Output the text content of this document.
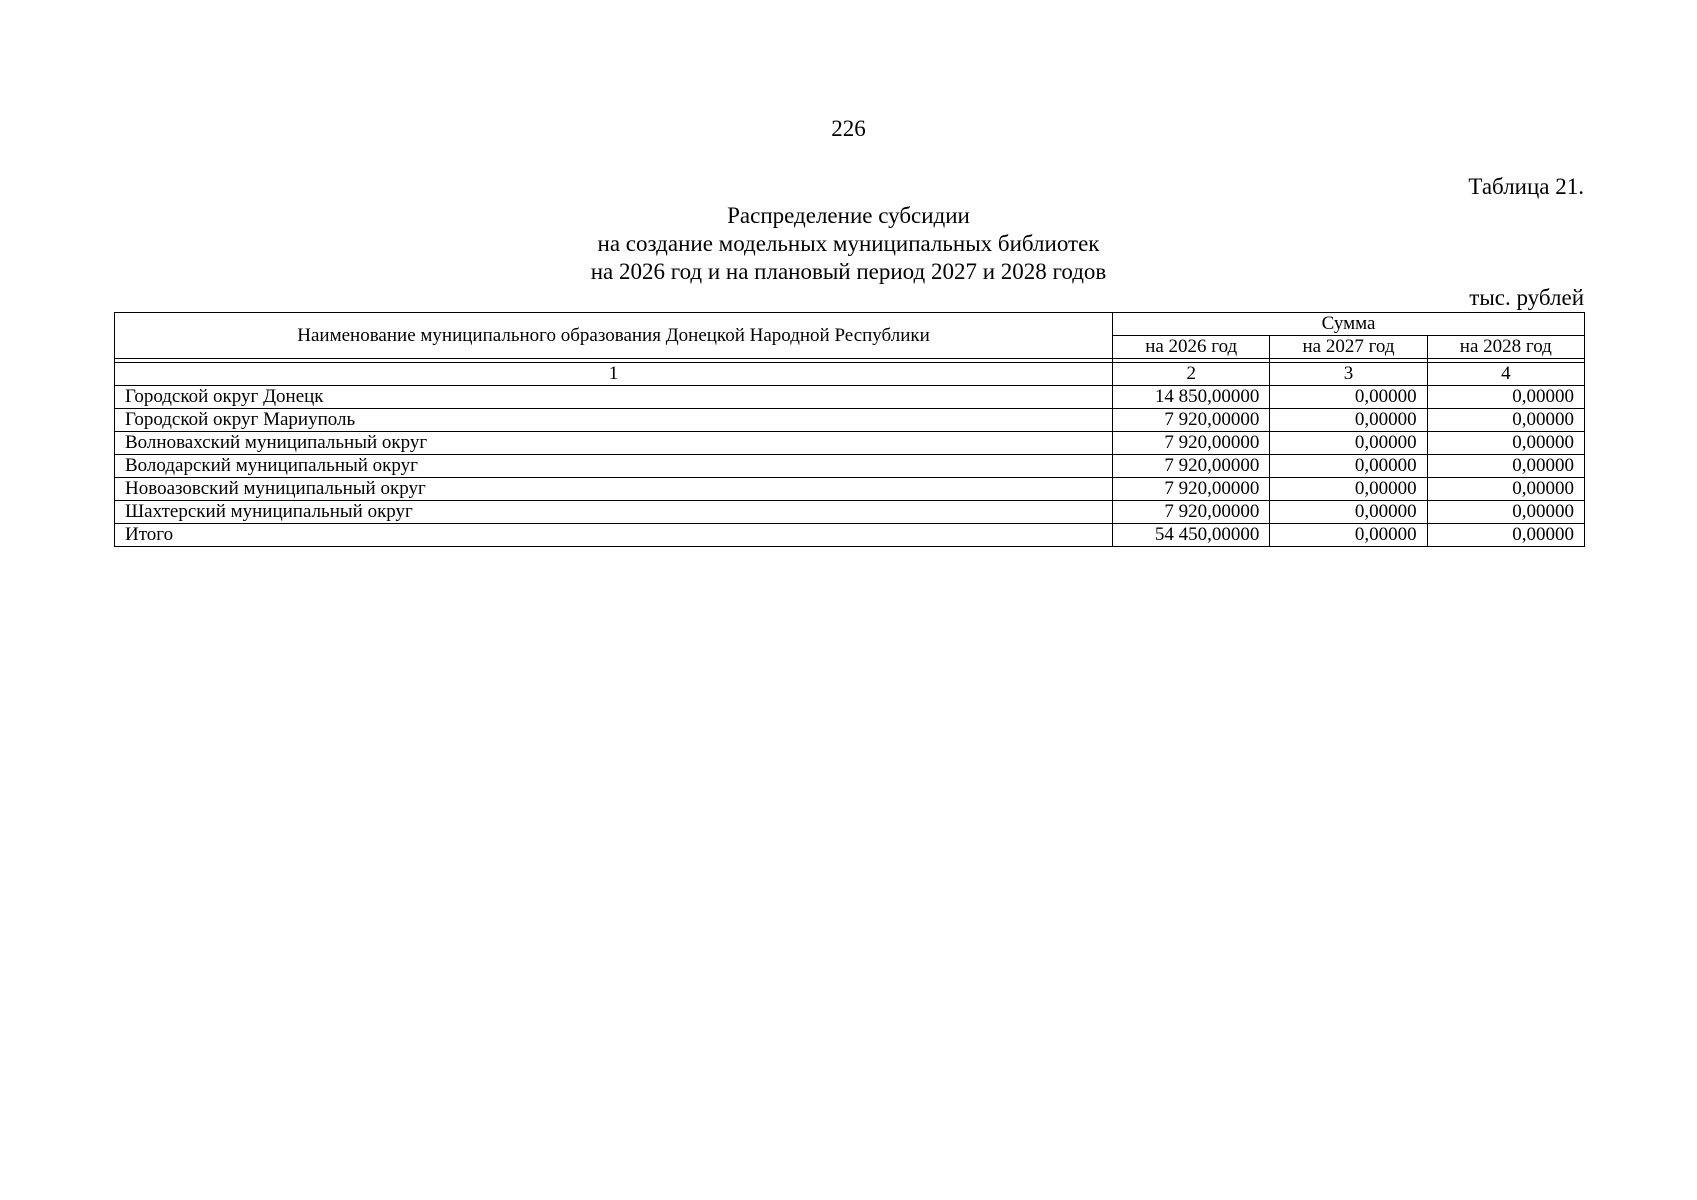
226
Таблица 21.
Распределение субсидии
на создание модельных муниципальных библиотек
на 2026 год и на плановый период 2027 и 2028 годов
тыс. рублей
Наименование муниципального образования Донецкой Народной Республики	Сумма		
	на 2026 год	на 2027 год	на 2028 год

1	2	3	4
Городской округ Донецк	14 850,00000	0,00000	0,00000
Городской округ Мариуполь	7 920,00000	0,00000	0,00000
Волновахский муниципальный округ	7 920,00000	0,00000	0,00000
Володарский муниципальный округ	7 920,00000	0,00000	0,00000
Новоазовский муниципальный округ	7 920,00000	0,00000	0,00000
Шахтерский муниципальный округ	7 920,00000	0,00000	0,00000
Итого	54 450,00000	0,00000	0,00000
